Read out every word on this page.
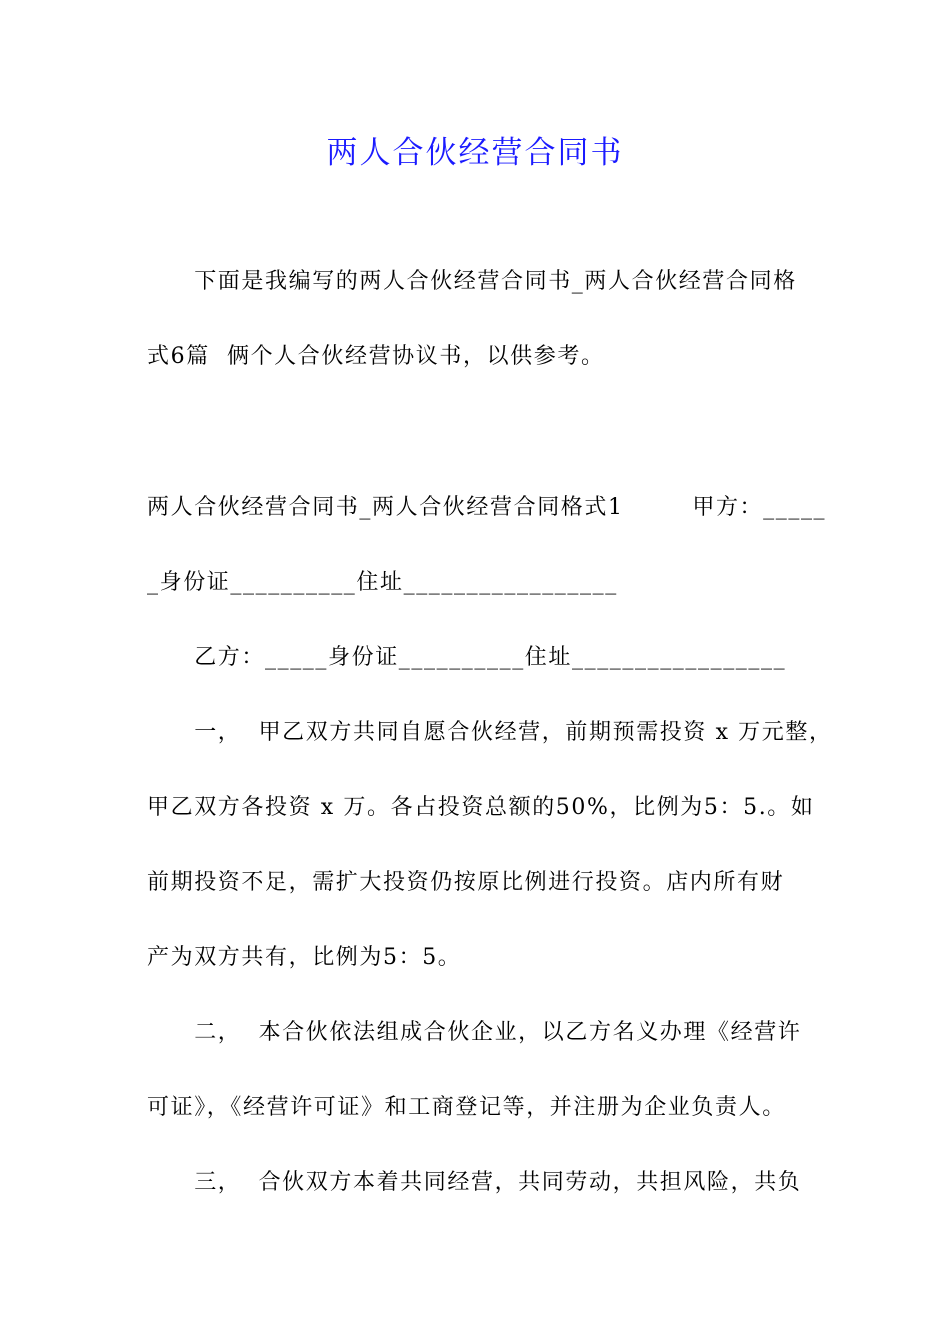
两人合伙经营合同书
　　下面是我编写的两人合伙经营合同书_两人合伙经营合同格
式6篇  俩个人合伙经营协议书，以供参考。
两人合伙经营合同书_两人合伙经营合同格式1        甲方：_____
_身份证__________住址_________________
　　乙方：_____身份证__________住址_________________
　　一，  甲乙双方共同自愿合伙经营，前期预需投资 x 万元整，
甲乙双方各投资 x 万。各占投资总额的50%，比例为5：5.。如
前期投资不足，需扩大投资仍按原比例进行投资。店内所有财
产为双方共有，比例为5：5。
　　二，  本合伙依法组成合伙企业，以乙方名义办理《经营许
可证》，《经营许可证》和工商登记等，并注册为企业负责人。
　　三，  合伙双方本着共同经营，共同劳动，共担风险，共负
